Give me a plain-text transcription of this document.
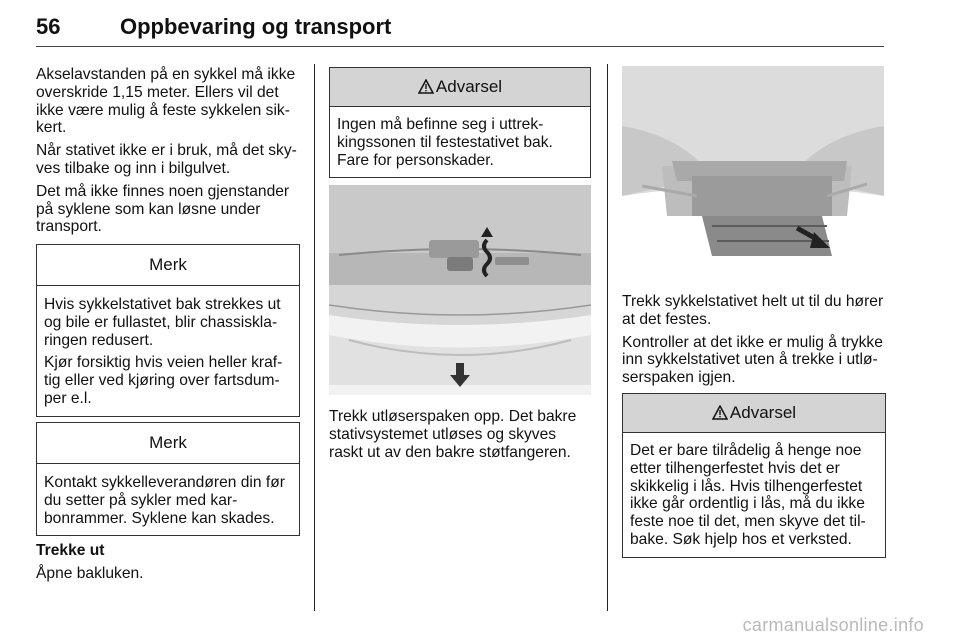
56	Oppbevaring og transport

Akselavstanden på en sykkel må ikke overskride 1,15 meter. Ellers vil det ikke være mulig å feste sykkelen sik-kert.

Når stativet ikke er i bruk, må det sky-ves tilbake og inn i bilgulvet.

Det må ikke finnes noen gjenstander på syklene som kan løsne under transport.

Merk

Hvis sykkelstativet bak strekkes ut og bile er fullastet, blir chassiskla-ringen redusert.

Kjør forsiktig hvis veien heller kraf-tig eller ved kjøring over fartsdum-per e.l.

Merk

Kontakt sykkelleverandøren din før du setter på sykler med kar-bonrammer. Syklene kan skades.

Trekke ut

Åpne bakluken.

Advarsel

Ingen må befinne seg i uttrek-kingssonen til festestativet bak. Fare for personskader.

Trekk utløserspaken opp. Det bakre stativsystemet utløses og skyves raskt ut av den bakre støtfangeren.

Trekk sykkelstativet helt ut til du hører at det festes.

Kontroller at det ikke er mulig å trykke inn sykkelstativet uten å trekke i utlø-serspaken igjen.

Advarsel

Det er bare tilrådelig å henge noe etter tilhengerfestet hvis det er skikkelig i lås. Hvis tilhengerfestet ikke går ordentlig i lås, må du ikke feste noe til det, men skyve det til-bake. Søk hjelp hos et verksted.

carmanualsonline.info
